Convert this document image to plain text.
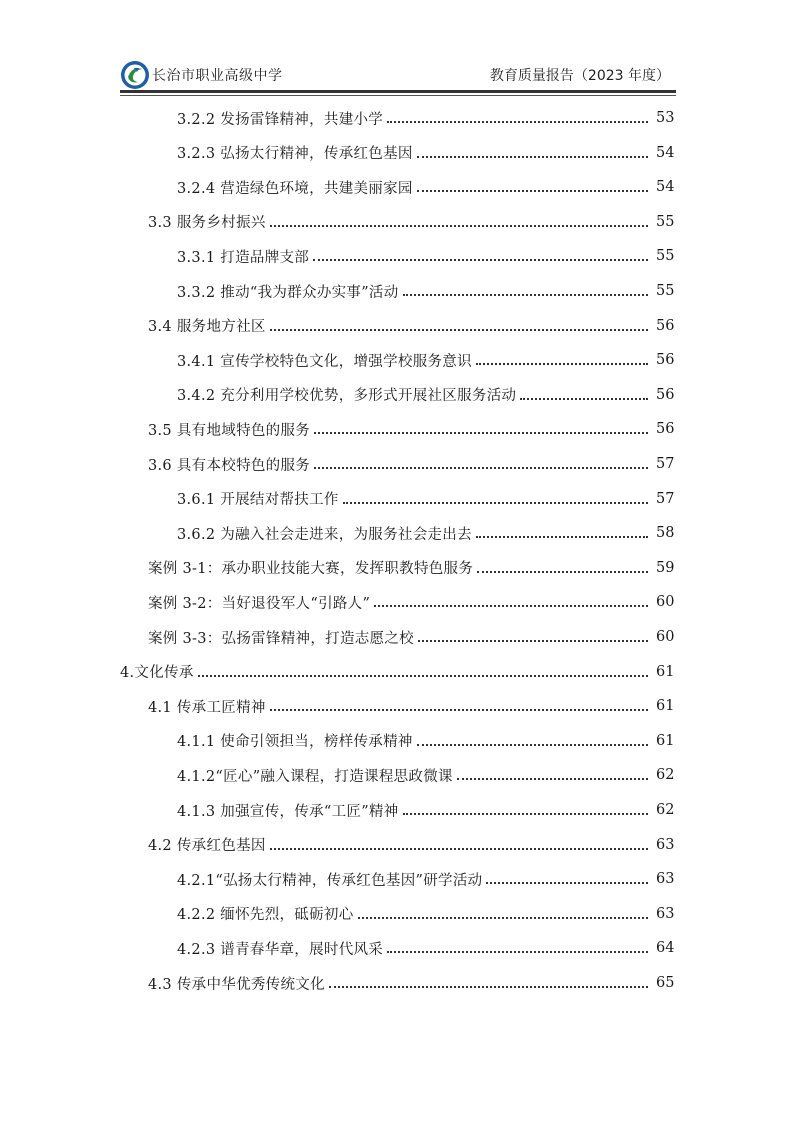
长治市职业高级中学	教育质量报告（2023 年度）
3.2.2 发扬雷锋精神，共建小学	53
3.2.3 弘扬太行精神，传承红色基因	54
3.2.4 营造绿色环境，共建美丽家园	54
3.3 服务乡村振兴	55
3.3.1 打造品牌支部	55
3.3.2 推动“我为群众办实事”活动	55
3.4 服务地方社区	56
3.4.1 宣传学校特色文化，增强学校服务意识	56
3.4.2 充分利用学校优势，多形式开展社区服务活动	56
3.5 具有地域特色的服务	56
3.6 具有本校特色的服务	57
3.6.1 开展结对帮扶工作	57
3.6.2 为融入社会走进来，为服务社会走出去	58
案例 3-1：承办职业技能大赛，发挥职教特色服务	59
案例 3-2：当好退役军人“引路人”	60
案例 3-3：弘扬雷锋精神，打造志愿之校	60
4.文化传承	61
4.1 传承工匠精神	61
4.1.1 使命引领担当，榜样传承精神	61
4.1.2“匠心”融入课程，打造课程思政微课	62
4.1.3 加强宣传，传承“工匠”精神	62
4.2 传承红色基因	63
4.2.1“弘扬太行精神，传承红色基因”研学活动	63
4.2.2 缅怀先烈，砥砺初心	63
4.2.3 谱青春华章，展时代风采	64
4.3 传承中华优秀传统文化	65
